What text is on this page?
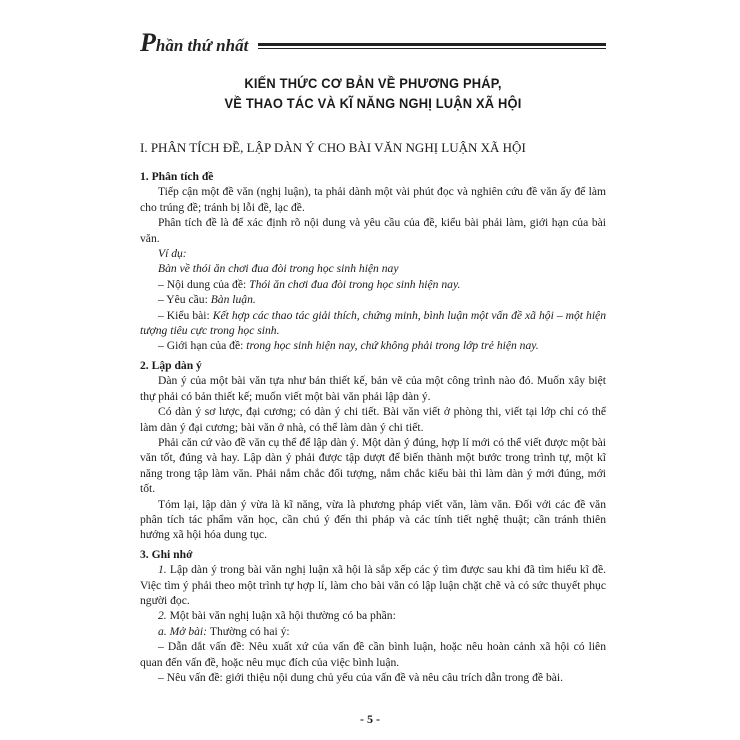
Phần thứ nhất
KIẾN THỨC CƠ BẢN VỀ PHƯƠNG PHÁP,
VỀ THAO TÁC VÀ KĨ NĂNG NGHỊ LUẬN XÃ HỘI
I. PHÂN TÍCH ĐỀ, LẬP DÀN Ý CHO BÀI VĂN NGHỊ LUẬN XÃ HỘI

1. Phân tích đề

Tiếp cận một đề văn (nghị luận), ta phải dành một vài phút đọc và nghiên cứu đề văn ấy để làm cho trúng đề; tránh bị lỗi đề, lạc đề.

Phân tích đề là để xác định rõ nội dung và yêu cầu của đề, kiểu bài phải làm, giới hạn của bài văn.

Ví dụ:

Bàn về thói ăn chơi đua đòi trong học sinh hiện nay

– Nội dung của đề: Thói ăn chơi đua đòi trong học sinh hiện nay.

– Yêu cầu: Bàn luận.

– Kiểu bài: Kết hợp các thao tác giải thích, chứng minh, bình luận một vấn đề xã hội – một hiện tượng tiêu cực trong học sinh.

– Giới hạn của đề: trong học sinh hiện nay, chứ không phải trong lớp trẻ hiện nay.

2. Lập dàn ý

Dàn ý của một bài văn tựa như bản thiết kế, bản vẽ của một công trình nào đó. Muốn xây biệt thự phải có bản thiết kế; muốn viết một bài văn phải lập dàn ý.

Có dàn ý sơ lược, đại cương; có dàn ý chi tiết. Bài văn viết ở phòng thi, viết tại lớp chỉ có thể làm dàn ý đại cương; bài văn ở nhà, có thể làm dàn ý chi tiết.

Phải căn cứ vào đề văn cụ thể để lập dàn ý. Một dàn ý đúng, hợp lí mới có thể viết được một bài văn tốt, đúng và hay. Lập dàn ý phải được tập dượt để biến thành một bước trong trình tự, một kĩ năng trong tập làm văn. Phải nắm chắc đối tượng, nắm chắc kiểu bài thì làm dàn ý mới đúng, mới tốt.

Tóm lại, lập dàn ý vừa là kĩ năng, vừa là phương pháp viết văn, làm văn. Đối với các đề văn phân tích tác phẩm văn học, cần chú ý đến thi pháp và các tính tiết nghệ thuật; cần tránh thiên hướng xã hội hóa dung tục.

3. Ghi nhớ

1. Lập dàn ý trong bài văn nghị luận xã hội là sắp xếp các ý tìm được sau khi đã tìm hiểu kĩ đề. Việc tìm ý phải theo một trình tự hợp lí, làm cho bài văn có lập luận chặt chẽ và có sức thuyết phục người đọc.

2. Một bài văn nghị luận xã hội thường có ba phần:

a. Mở bài: Thường có hai ý:

– Dẫn dắt vấn đề: Nêu xuất xứ của vấn đề cần bình luận, hoặc nêu hoàn cảnh xã hội có liên quan đến vấn đề, hoặc nêu mục đích của việc bình luận.

– Nêu vấn đề: giới thiệu nội dung chủ yếu của vấn đề và nêu câu trích dẫn trong đề bài.

- 5 -
